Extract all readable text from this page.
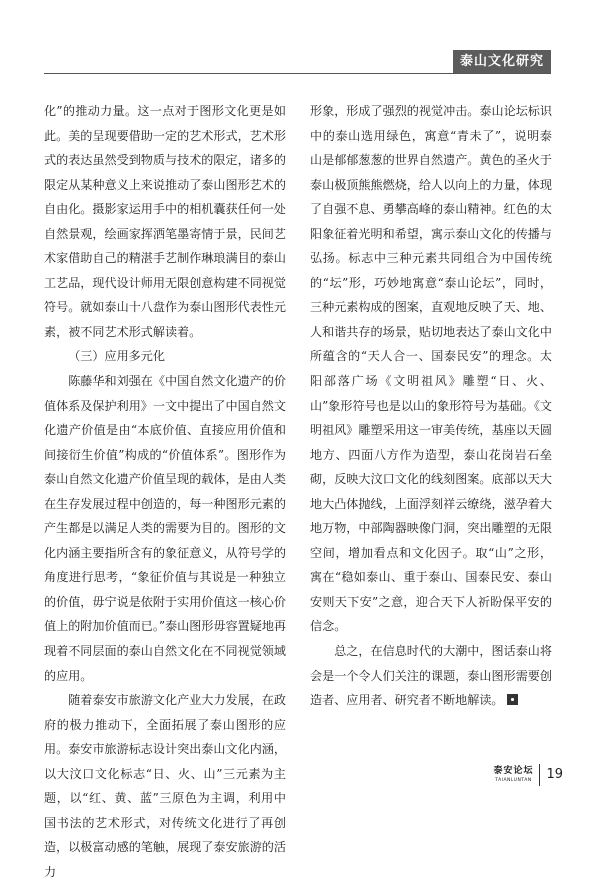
泰山文化研究

化”的推动力量。这一点对于图形文化更是如此。美的呈现要借助一定的艺术形式，艺术形式的表达虽然受到物质与技术的限定，诸多的限定从某种意义上来说推动了泰山图形艺术的自由化。摄影家运用手中的相机囊获任何一处自然景观，绘画家挥洒笔墨寄情于景，民间艺术家借助自己的精湛手艺制作琳琅满目的泰山工艺品，现代设计师用无限创意构建不同视觉符号。就如泰山十八盘作为泰山图形代表性元素，被不同艺术形式解读着。

（三）应用多元化

陈藤华和刘强在《中国自然文化遗产的价值体系及保护利用》一文中提出了中国自然文化遗产价值是由“本底价值、直接应用价值和间接衍生价值”构成的“价值体系”。图形作为泰山自然文化遗产价值呈现的载体，是由人类在生存发展过程中创造的，每一种图形元素的产生都是以满足人类的需要为目的。图形的文化内涵主要指所含有的象征意义，从符号学的角度进行思考，“象征价值与其说是一种独立的价值，毋宁说是依附于实用价值这一核心价值上的附加价值而已。”泰山图形毋容置疑地再现着不同层面的泰山自然文化在不同视觉领域的应用。

随着泰安市旅游文化产业大力发展，在政府的极力推动下，全面拓展了泰山图形的应用。泰安市旅游标志设计突出泰山文化内涵，以大汶口文化标志“日、火、山”三元素为主题，以“红、黄、蓝”三原色为主调，利用中国书法的艺术形式，对传统文化进行了再创造，以极富动感的笔触，展现了泰安旅游的活力

形象，形成了强烈的视觉冲击。泰山论坛标识中的泰山选用绿色，寓意“青未了”，说明泰山是郁郁葱葱的世界自然遗产。黄色的圣火于泰山极顶熊熊燃烧，给人以向上的力量，体现了自强不息、勇攀高峰的泰山精神。红色的太阳象征着光明和希望，寓示泰山文化的传播与弘扬。标志中三种元素共同组合为中国传统的“坛”形，巧妙地寓意“泰山论坛”，同时，三种元素构成的图案，直观地反映了天、地、人和谐共存的场景，贴切地表达了泰山文化中所蕴含的“天人合一、国泰民安”的理念。太阳部落广场《文明祖风》雕塑“日、火、山”象形符号也是以山的象形符号为基础。《文明祖风》雕塑采用这一审美传统，基座以天圆地方、四面八方作为造型，泰山花岗岩石垒砌，反映大汶口文化的线刻图案。底部以天大地大凸体抛线，上面浮刻祥云缭绕，滋孕着大地万物，中部陶器映像门洞，突出雕塑的无限空间，增加看点和文化因子。取“山”之形，寓在“稳如泰山、重于泰山、国泰民安、泰山安则天下安”之意，迎合天下人祈盼保平安的信念。

总之，在信息时代的大潮中，图话泰山将会是一个令人们关注的课题，泰山图形需要创造者、应用者、研究者不断地解读。

泰安论坛
TAIANLUNTAN 19
